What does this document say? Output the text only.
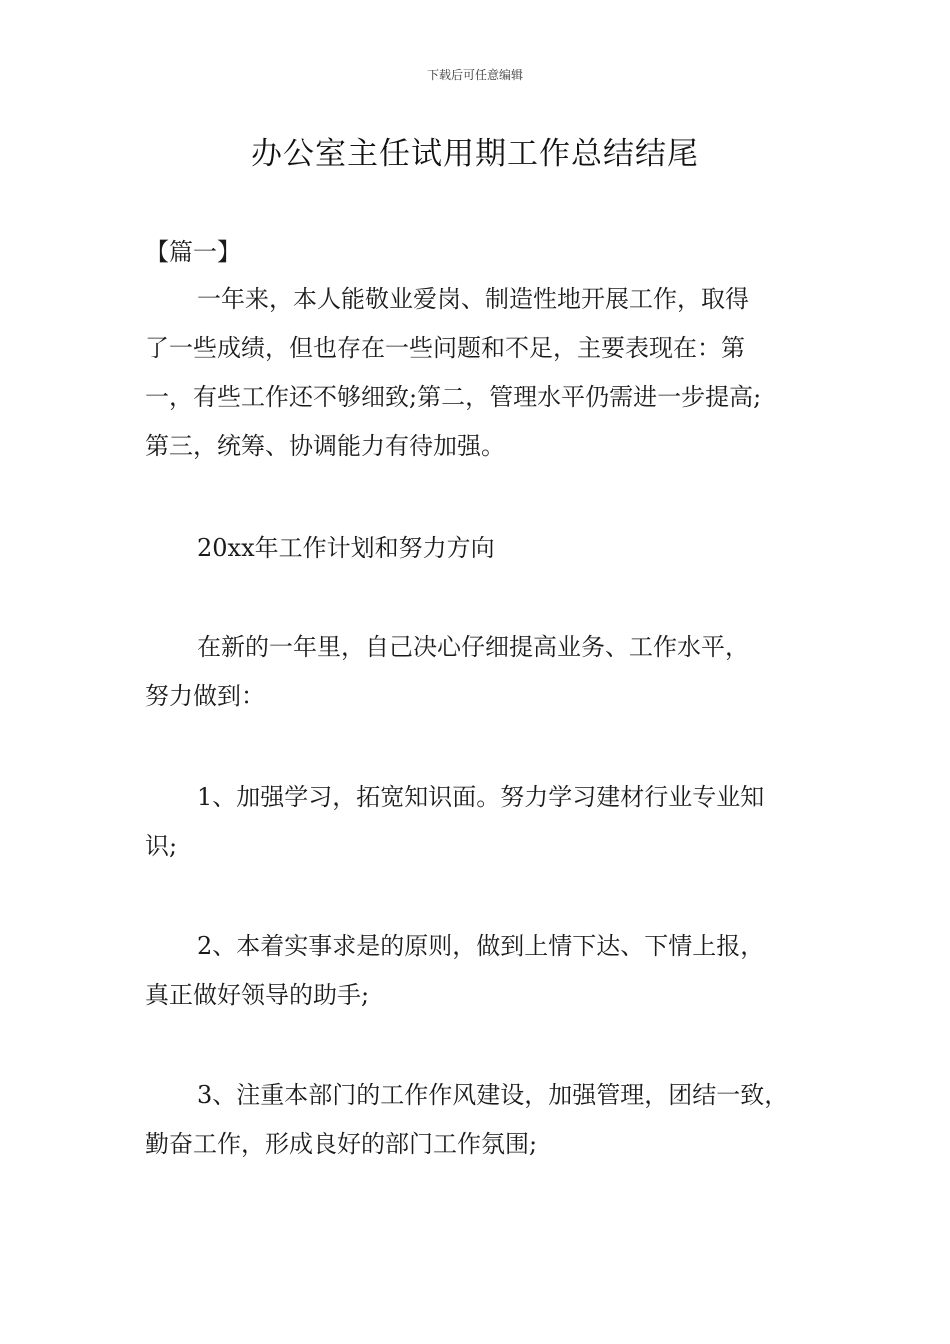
下载后可任意编辑
办公室主任试用期工作总结结尾
【篇一】
一年来，本人能敬业爱岗、制造性地开展工作，取得
了一些成绩，但也存在一些问题和不足，主要表现在：第
一，有些工作还不够细致;第二，管理水平仍需进一步提高;
第三，统筹、协调能力有待加强。
20xx年工作计划和努力方向
在新的一年里，自己决心仔细提高业务、工作水平，
努力做到：
1、加强学习，拓宽知识面。努力学习建材行业专业知
识;
2、本着实事求是的原则，做到上情下达、下情上报，
真正做好领导的助手;
3、注重本部门的工作作风建设，加强管理，团结一致，
勤奋工作，形成良好的部门工作氛围;
